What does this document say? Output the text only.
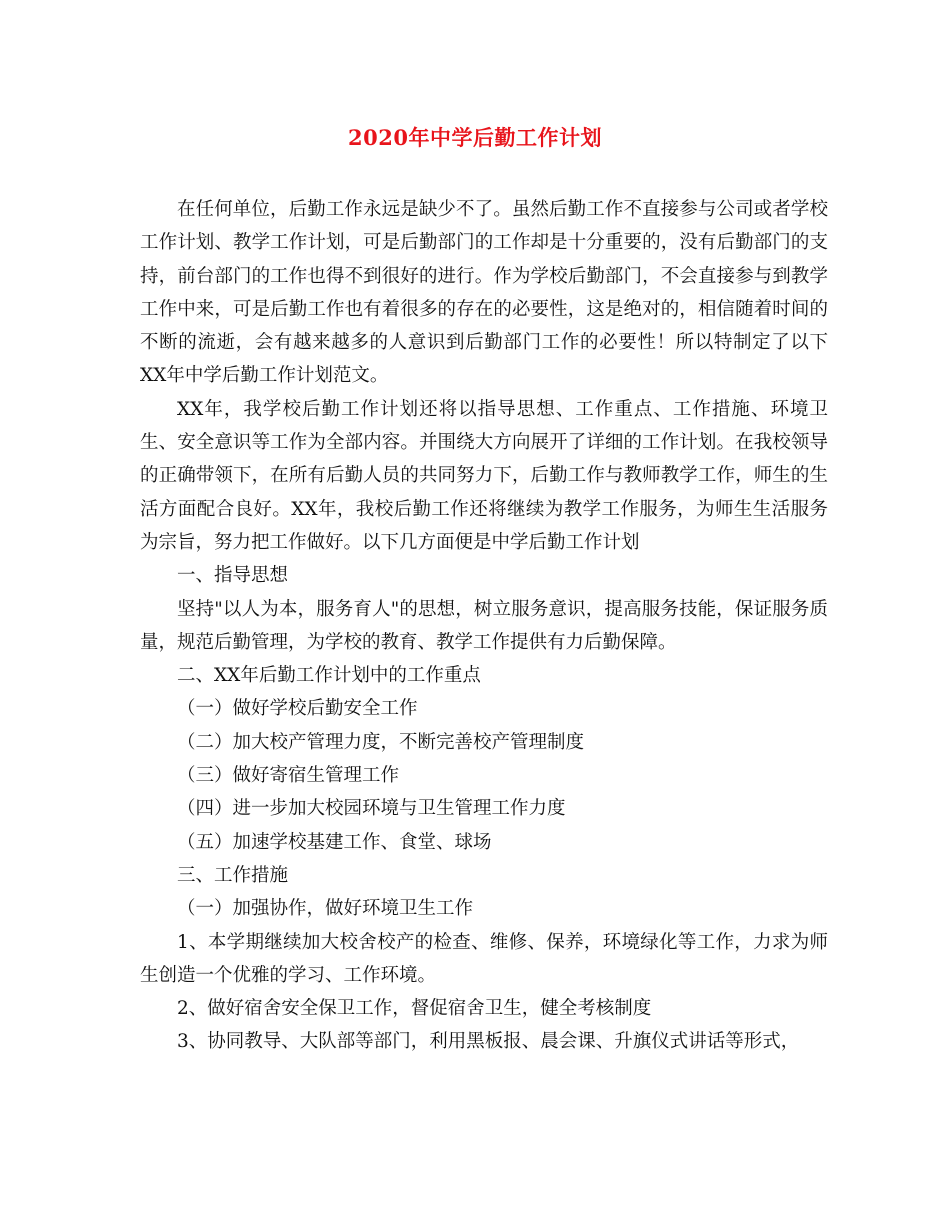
2020年中学后勤工作计划

在任何单位，后勤工作永远是缺少不了。虽然后勤工作不直接参与公司或者学校工作计划、教学工作计划，可是后勤部门的工作却是十分重要的，没有后勤部门的支持，前台部门的工作也得不到很好的进行。作为学校后勤部门，不会直接参与到教学工作中来，可是后勤工作也有着很多的存在的必要性，这是绝对的，相信随着时间的不断的流逝，会有越来越多的人意识到后勤部门工作的必要性！所以特制定了以下XX年中学后勤工作计划范文。

XX年，我学校后勤工作计划还将以指导思想、工作重点、工作措施、环境卫生、安全意识等工作为全部内容。并围绕大方向展开了详细的工作计划。在我校领导的正确带领下，在所有后勤人员的共同努力下，后勤工作与教师教学工作，师生的生活方面配合良好。XX年，我校后勤工作还将继续为教学工作服务，为师生生活服务为宗旨，努力把工作做好。以下几方面便是中学后勤工作计划

一、指导思想

坚持"以人为本，服务育人"的思想，树立服务意识，提高服务技能，保证服务质量，规范后勤管理，为学校的教育、教学工作提供有力后勤保障。

二、XX年后勤工作计划中的工作重点

（一）做好学校后勤安全工作

（二）加大校产管理力度，不断完善校产管理制度

（三）做好寄宿生管理工作

（四）进一步加大校园环境与卫生管理工作力度

（五）加速学校基建工作、食堂、球场

三、工作措施

（一）加强协作，做好环境卫生工作

1、本学期继续加大校舍校产的检查、维修、保养，环境绿化等工作，力求为师生创造一个优雅的学习、工作环境。

2、做好宿舍安全保卫工作，督促宿舍卫生，健全考核制度

3、协同教导、大队部等部门，利用黑板报、晨会课、升旗仪式讲话等形式，
